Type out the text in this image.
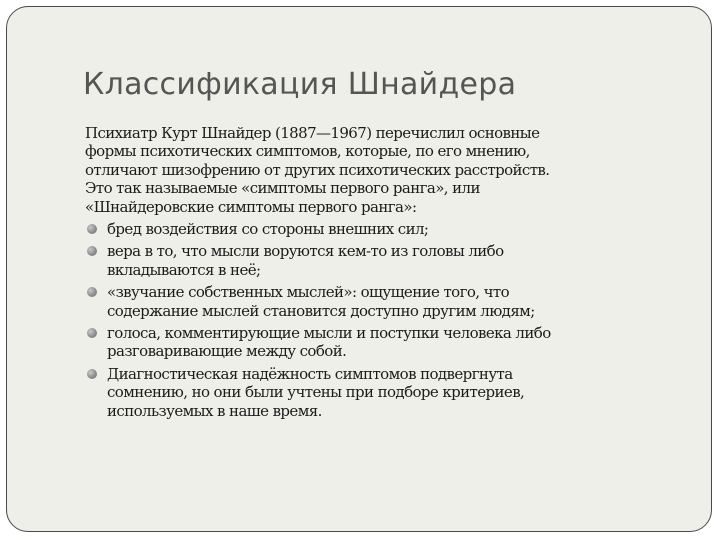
Классификация Шнайдера

Психиатр Курт Шнайдер (1887—1967) перечислил основные
формы психотических симптомов, которые, по его мнению,
отличают шизофрению от других психотических расстройств.
Это так называемые «симптомы первого ранга», или
«Шнайдеровские симптомы первого ранга»:

бред воздействия со стороны внешних сил;
вера в то, что мысли воруются кем-то из головы либо
вкладываются в неё;
«звучание собственных мыслей»: ощущение того, что
содержание мыслей становится доступно другим людям;
голоса, комментирующие мысли и поступки человека либо
разговаривающие между собой.
Диагностическая надёжность симптомов подвергнута
сомнению, но они были учтены при подборе критериев,
используемых в наше время.
